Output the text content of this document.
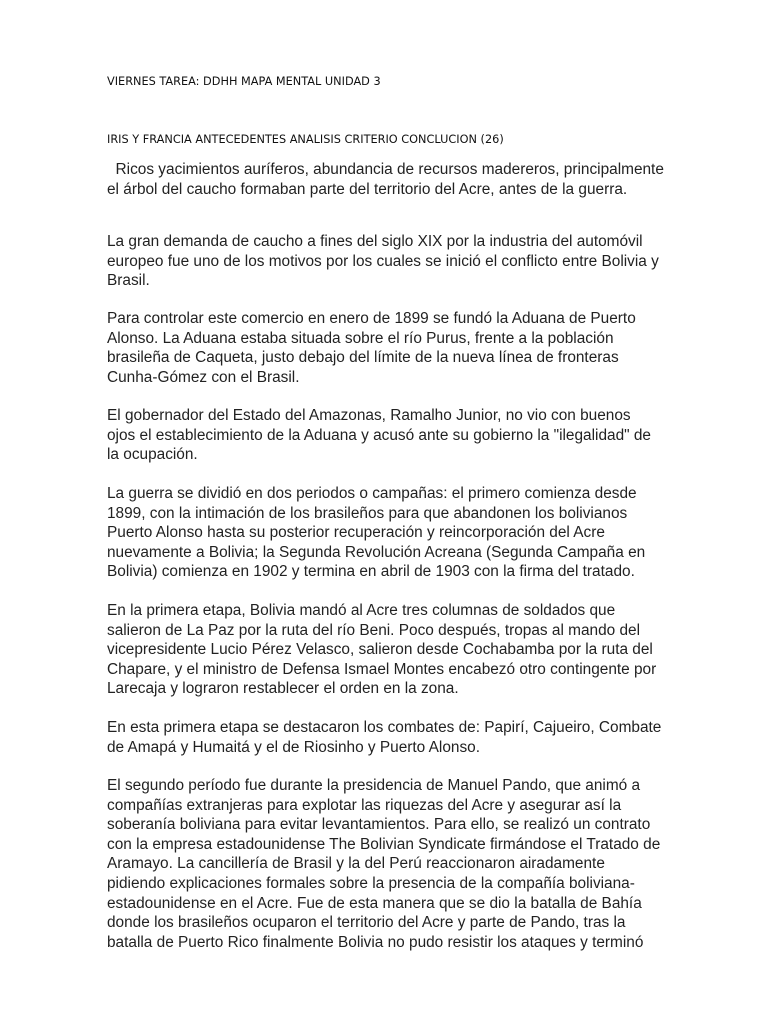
VIERNES TAREA: DDHH MAPA MENTAL UNIDAD 3
IRIS Y FRANCIA ANTECEDENTES ANALISIS CRITERIO CONCLUCION (26)
Ricos yacimientos auríferos, abundancia de recursos madereros, principalmente
el árbol del caucho formaban parte del territorio del Acre, antes de la guerra.
La gran demanda de caucho a fines del siglo XIX por la industria del automóvil
europeo fue uno de los motivos por los cuales se inició el conflicto entre Bolivia y
Brasil.
Para controlar este comercio en enero de 1899 se fundó la Aduana de Puerto
Alonso. La Aduana estaba situada sobre el río Purus, frente a la población
brasileña de Caqueta, justo debajo del límite de la nueva línea de fronteras
Cunha-Gómez con el Brasil.
El gobernador del Estado del Amazonas, Ramalho Junior, no vio con buenos
ojos el establecimiento de la Aduana y acusó ante su gobierno la "ilegalidad" de
la ocupación.
La guerra se dividió en dos periodos o campañas: el primero comienza desde
1899, con la intimación de los brasileños para que abandonen los bolivianos
Puerto Alonso hasta su posterior recuperación y reincorporación del Acre
nuevamente a Bolivia; la Segunda Revolución Acreana (Segunda Campaña en
Bolivia) comienza en 1902 y termina en abril de 1903 con la firma del tratado.
En la primera etapa, Bolivia mandó al Acre tres columnas de soldados que
salieron de La Paz por la ruta del río Beni. Poco después, tropas al mando del
vicepresidente Lucio Pérez Velasco, salieron desde Cochabamba por la ruta del
Chapare, y el ministro de Defensa Ismael Montes encabezó otro contingente por
Larecaja y lograron restablecer el orden en la zona.
En esta primera etapa se destacaron los combates de: Papirí, Cajueiro, Combate
de Amapá y Humaitá y el de Riosinho y Puerto Alonso.
El segundo período fue durante la presidencia de Manuel Pando, que animó a
compañías extranjeras para explotar las riquezas del Acre y asegurar así la
soberanía boliviana para evitar levantamientos. Para ello, se realizó un contrato
con la empresa estadounidense The Bolivian Syndicate firmándose el Tratado de
Aramayo. La cancillería de Brasil y la del Perú reaccionaron airadamente
pidiendo explicaciones formales sobre la presencia de la compañía boliviana-
estadounidense en el Acre. Fue de esta manera que se dio la batalla de Bahía
donde los brasileños ocuparon el territorio del Acre y parte de Pando, tras la
batalla de Puerto Rico finalmente Bolivia no pudo resistir los ataques y terminó
